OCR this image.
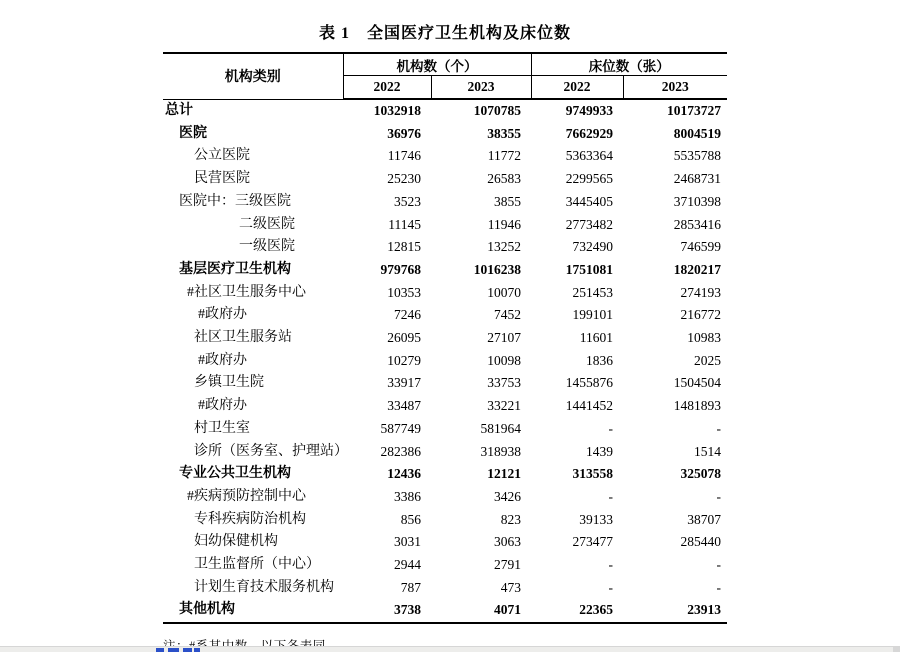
表 1　全国医疗卫生机构及床位数
机构类别	机构数（个）		床位数（张）	
	2022	2023	2022	2023
总计	1032918	1070785	9749933	10173727
医院	36976	38355	7662929	8004519
公立医院	11746	11772	5363364	5535788
民营医院	25230	26583	2299565	2468731
医院中：三级医院	3523	3855	3445405	3710398
二级医院	11145	11946	2773482	2853416
一级医院	12815	13252	732490	746599
基层医疗卫生机构	979768	1016238	1751081	1820217
#社区卫生服务中心	10353	10070	251453	274193
#政府办	7246	7452	199101	216772
社区卫生服务站	26095	27107	11601	10983
#政府办	10279	10098	1836	2025
乡镇卫生院	33917	33753	1455876	1504504
#政府办	33487	33221	1441452	1481893
村卫生室	587749	581964	-	-
诊所（医务室、护理站）	282386	318938	1439	1514
专业公共卫生机构	12436	12121	313558	325078
#疾病预防控制中心	3386	3426	-	-
专科疾病防治机构	856	823	39133	38707
妇幼保健机构	3031	3063	273477	285440
卫生监督所（中心）	2944	2791	-	-
计划生育技术服务机构	787	473	-	-
其他机构	3738	4071	22365	23913
